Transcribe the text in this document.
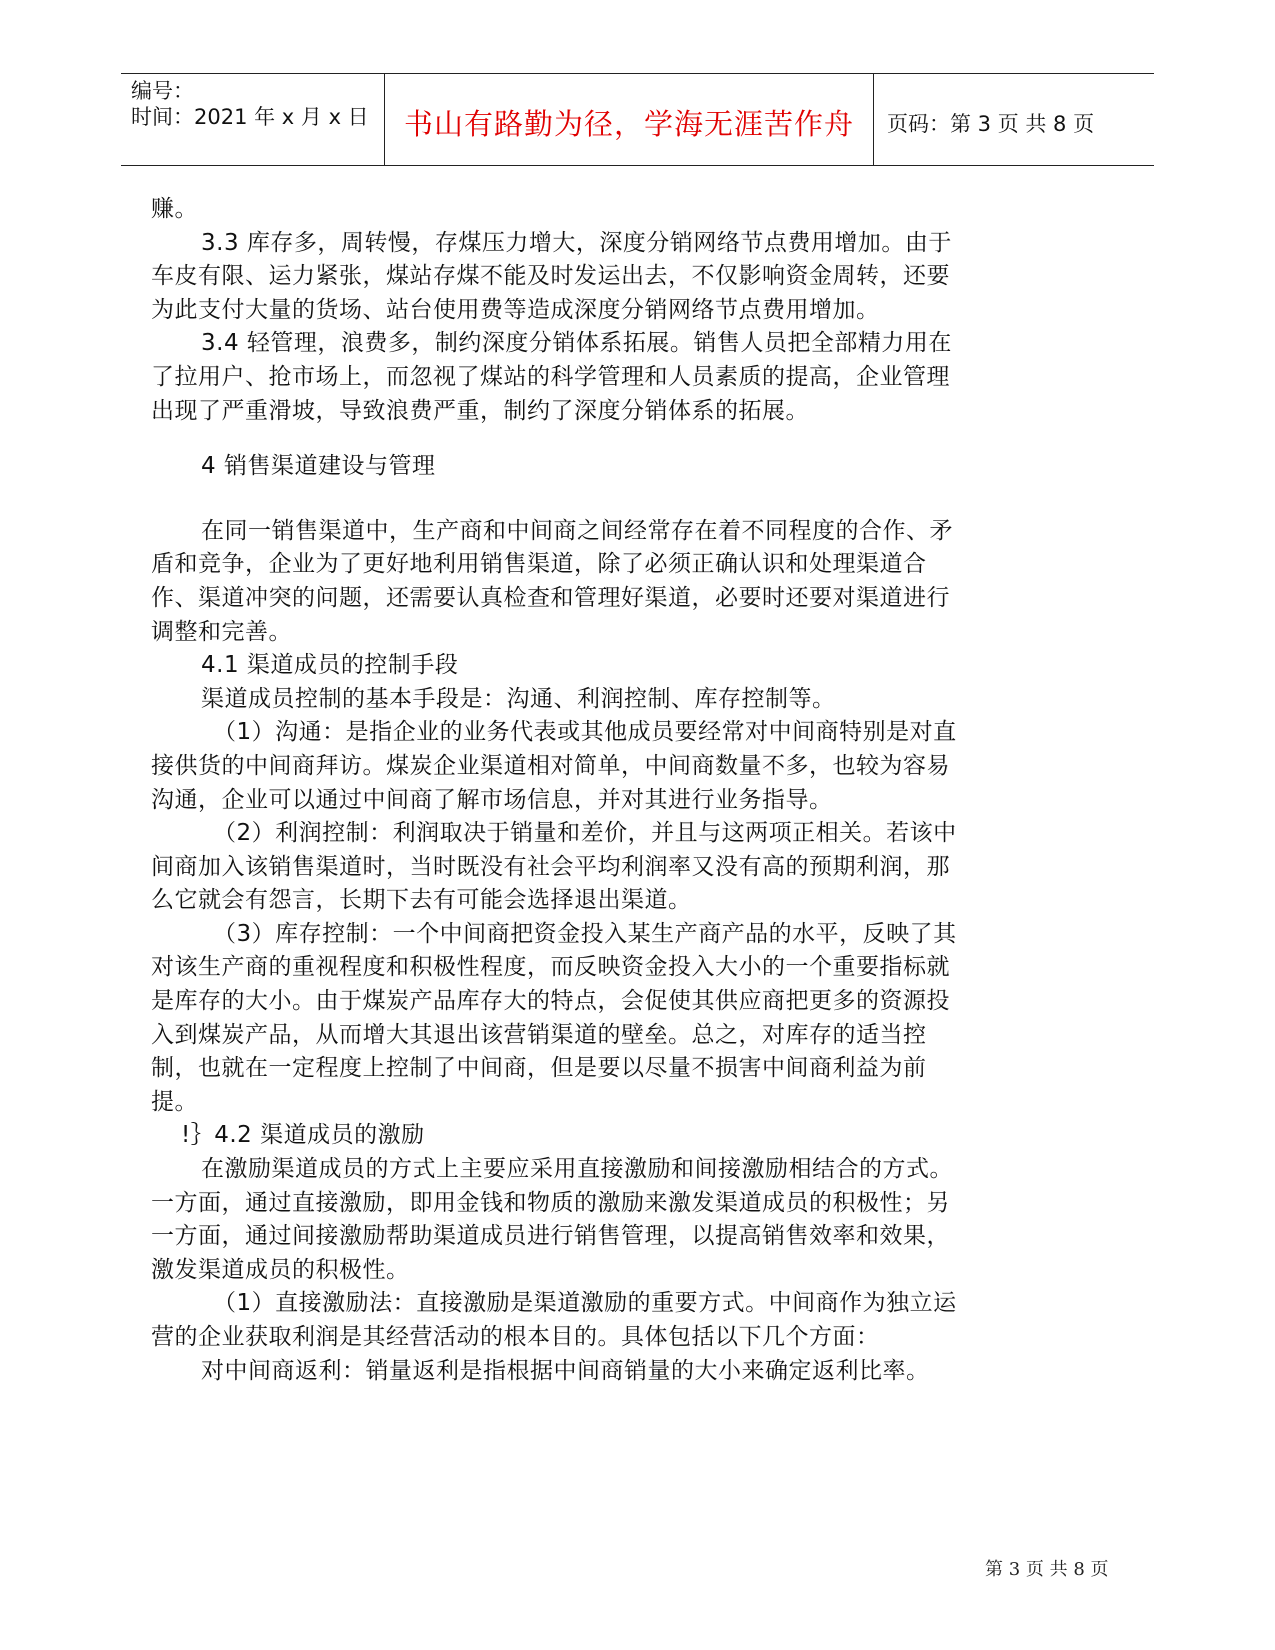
编号：
时间：2021 年 x 月 x 日	书山有路勤为径，学海无涯苦作舟	页码：第 3 页 共 8 页

赚。

3.3 库存多，周转慢，存煤压力增大，深度分销网络节点费用增加。由于车皮有限、运力紧张，煤站存煤不能及时发运出去，不仅影响资金周转，还要为此支付大量的货场、站台使用费等造成深度分销网络节点费用增加。

3.4 轻管理，浪费多，制约深度分销体系拓展。销售人员把全部精力用在了拉用户、抢市场上，而忽视了煤站的科学管理和人员素质的提高，企业管理出现了严重滑坡，导致浪费严重，制约了深度分销体系的拓展。

4 销售渠道建设与管理

在同一销售渠道中，生产商和中间商之间经常存在着不同程度的合作、矛盾和竞争，企业为了更好地利用销售渠道，除了必须正确认识和处理渠道合作、渠道冲突的问题，还需要认真检查和管理好渠道，必要时还要对渠道进行调整和完善。

4.1 渠道成员的控制手段

渠道成员控制的基本手段是：沟通、利润控制、库存控制等。

（1）沟通：是指企业的业务代表或其他成员要经常对中间商特别是对直接供货的中间商拜访。煤炭企业渠道相对简单，中间商数量不多，也较为容易沟通，企业可以通过中间商了解市场信息，并对其进行业务指导。

（2）利润控制：利润取决于销量和差价，并且与这两项正相关。若该中间商加入该销售渠道时，当时既没有社会平均利润率又没有高的预期利润，那么它就会有怨言，长期下去有可能会选择退出渠道。

（3）库存控制：一个中间商把资金投入某生产商产品的水平，反映了其对该生产商的重视程度和积极性程度，而反映资金投入大小的一个重要指标就是库存的大小。由于煤炭产品库存大的特点，会促使其供应商把更多的资源投入到煤炭产品，从而增大其退出该营销渠道的壁垒。总之，对库存的适当控制，也就在一定程度上控制了中间商，但是要以尽量不损害中间商利益为前提。

!｝4.2 渠道成员的激励

在激励渠道成员的方式上主要应采用直接激励和间接激励相结合的方式。一方面，通过直接激励，即用金钱和物质的激励来激发渠道成员的积极性；另一方面，通过间接激励帮助渠道成员进行销售管理，以提高销售效率和效果，激发渠道成员的积极性。

（1）直接激励法：直接激励是渠道激励的重要方式。中间商作为独立运营的企业获取利润是其经营活动的根本目的。具体包括以下几个方面：

对中间商返利：销量返利是指根据中间商销量的大小来确定返利比率。

第 3 页 共 8 页
